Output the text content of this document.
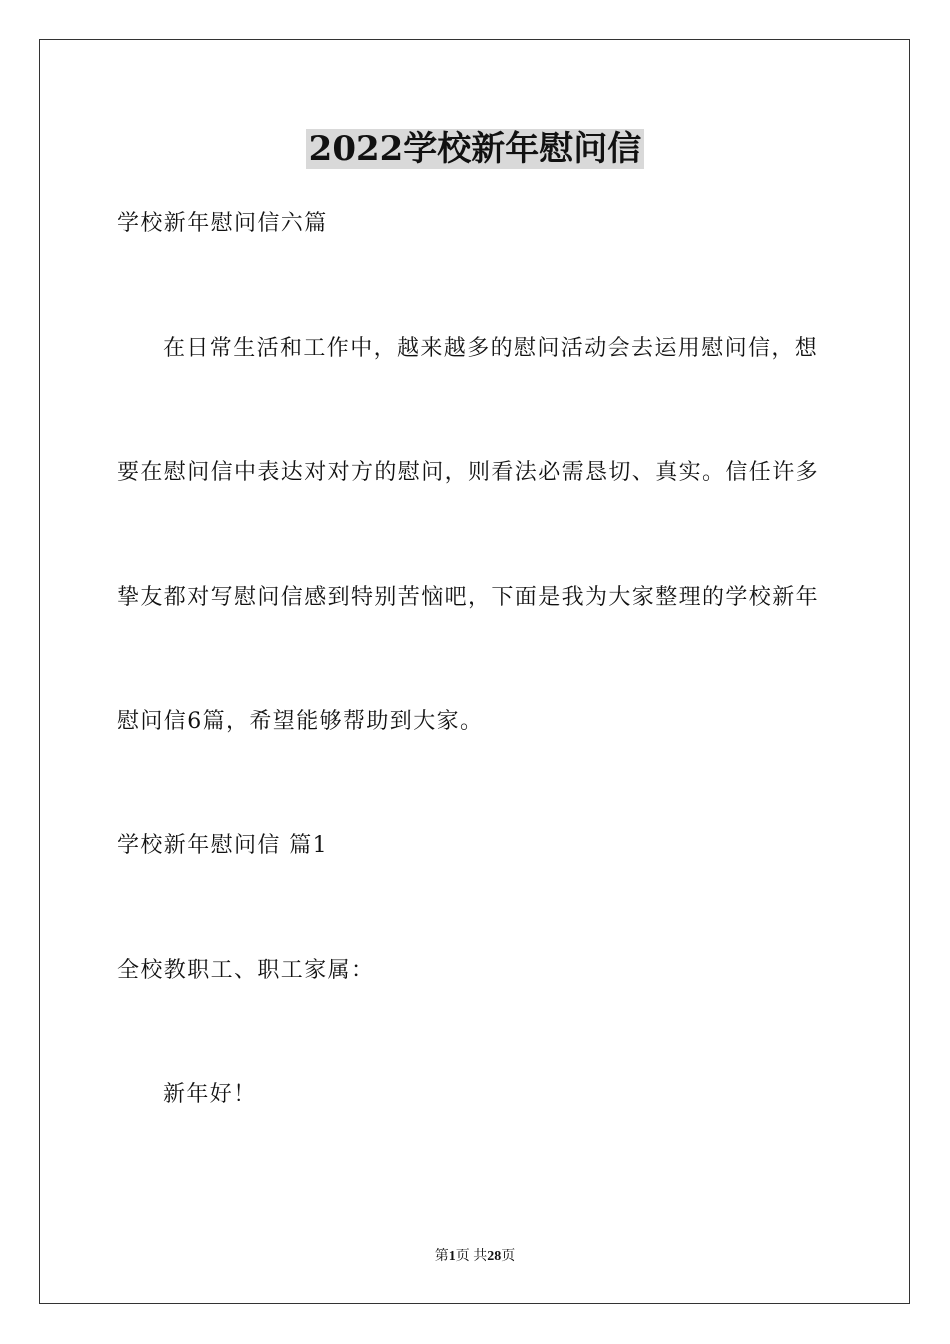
2022学校新年慰问信
学校新年慰问信六篇
在日常生活和工作中，越来越多的慰问活动会去运用慰问信，想
要在慰问信中表达对对方的慰问，则看法必需恳切、真实。信任许多
挚友都对写慰问信感到特别苦恼吧，下面是我为大家整理的学校新年
慰问信6篇，希望能够帮助到大家。
学校新年慰问信 篇1
全校教职工、职工家属：
新年好！
第1页 共28页
